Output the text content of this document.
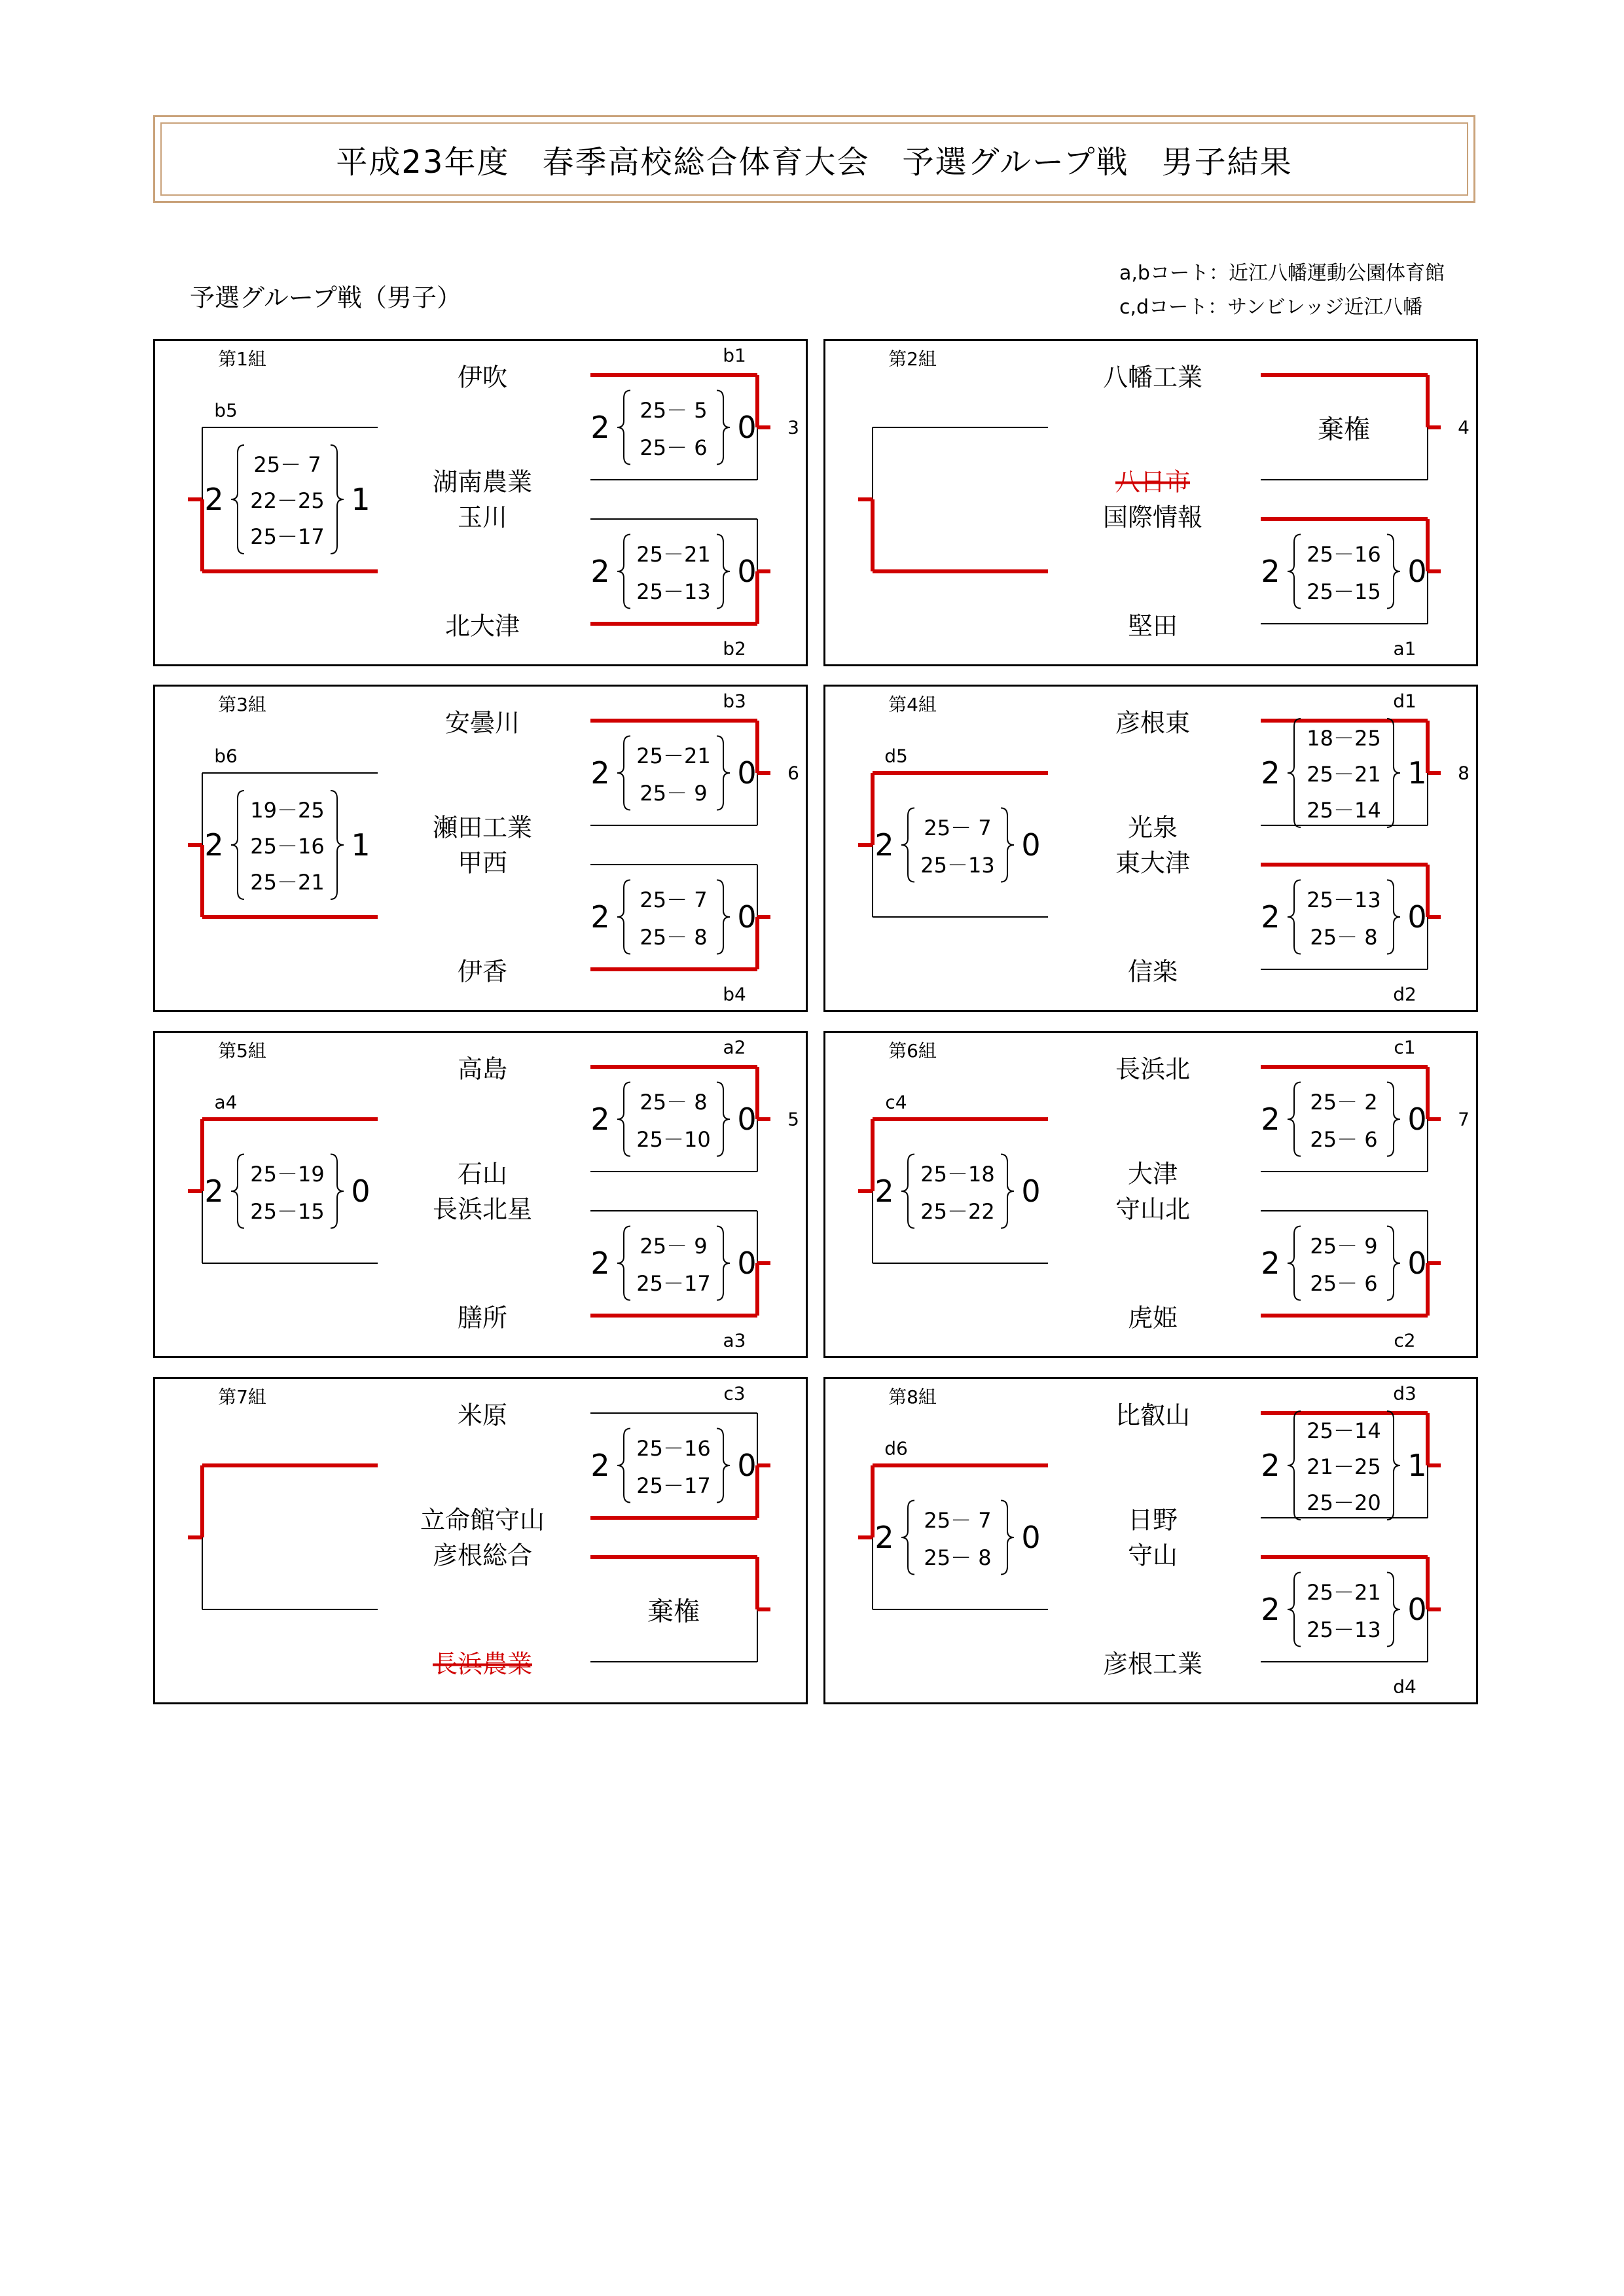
平成23年度　春季高校総合体育大会　予選グループ戦　男子結果
予選グループ戦（男子）
a,bコート：近江八幡運動公園体育館
c,dコート：サンビレッジ近江八幡
第1組
伊吹
湖南農業
玉川
北大津
2	0
25－ 5
25－ 6
b1
2	0
25－21
25－13
b2
3
2	1
25－ 7
22－25
25－17
b5
第2組
八幡工業
八日市
国際情報
堅田
棄権
2	0
25－16
25－15
a1
4
第3組
安曇川
瀬田工業
甲西
伊香
2	0
25－21
25－ 9
b3
2	0
25－ 7
25－ 8
b4
6
2	1
19－25
25－16
25－21
b6
第4組
彦根東
光泉
東大津
信楽
2	1
18－25
25－21
25－14
d1
2	0
25－13
25－ 8
d2
8
2	0
25－ 7
25－13
d5
第5組
高島
石山
長浜北星
膳所
2	0
25－ 8
25－10
a2
2	0
25－ 9
25－17
a3
5
2	0
25－19
25－15
a4
第6組
長浜北
大津
守山北
虎姫
2	0
25－ 2
25－ 6
c1
2	0
25－ 9
25－ 6
c2
7
2	0
25－18
25－22
c4
第7組
米原
立命館守山
彦根総合
長浜農業
2	0
25－16
25－17
c3
棄権
第8組
比叡山
日野
守山
彦根工業
2	1
25－14
21－25
25－20
d3
2	0
25－21
25－13
d4
2	0
25－ 7
25－ 8
d6
